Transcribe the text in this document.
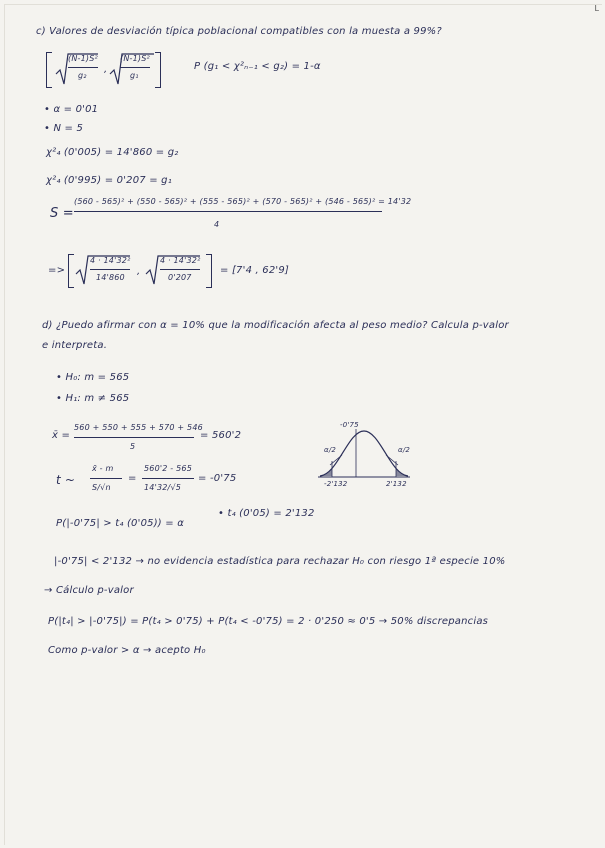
L
c) Valores de desviación típica poblacional compatibles con la muesta a 99%?
(N-1)S²
g₂
,
(N-1)S²
g₁
P (g₁ < χ²ₙ₋₁ < g₂) = 1-α
• α = 0'01
• N = 5
χ²₄ (0'005) = 14'860 = g₂
χ²₄ (0'995) = 0'207 = g₁
S =
(560 - 565)² + (550 - 565)² + (555 - 565)² + (570 - 565)² + (546 - 565)² = 14'32
4
=>
4 · 14'32²
14'860
,
4 · 14'32²
0'207
= [7'4 , 62'9]
d) ¿Puedo afirmar con α = 10% que la modificación afecta al peso medio? Calcula p-valor
e interpreta.
• H₀: m = 565
• H₁: m ≠ 565
x̄ =
560 + 550 + 555 + 570 + 546
5
= 560'2
t ~
x̄ - m
S/√n
=
560'2 - 565
14'32/√5
= -0'75
-0'75
α/2	α/2
-2'132	2'132
P(|-0'75| > t₄ (0'05)) = α
• t₄ (0'05) = 2'132
|-0'75| < 2'132 → no evidencia estadística para rechazar H₀ con riesgo 1ª especie 10%
→ Cálculo p-valor
P(|t₄| > |-0'75|) = P(t₄ > 0'75) + P(t₄ < -0'75) = 2 · 0'250 ≈ 0'5 → 50% discrepancias
Como p-valor > α → acepto H₀
